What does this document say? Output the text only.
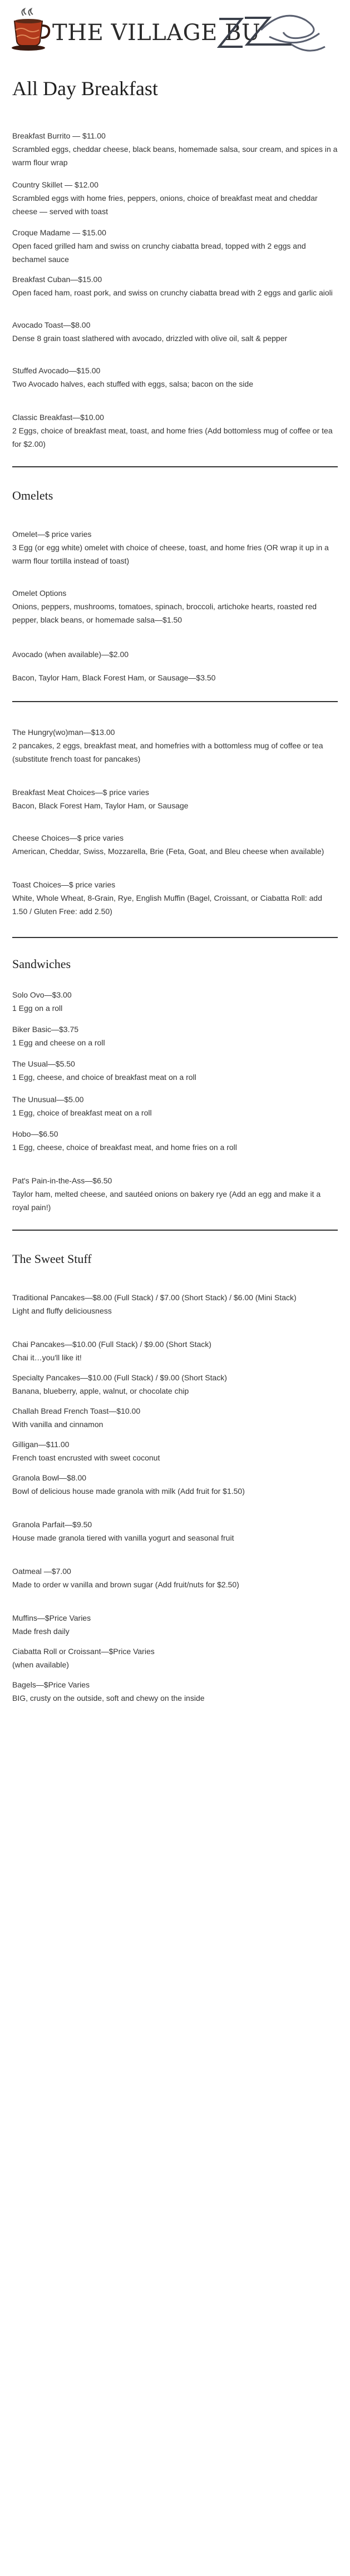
THE VILLAGE BU
All Day Breakfast
Breakfast Burrito — $11.00
Scrambled eggs, cheddar cheese, black beans, homemade salsa, sour cream, and spices in a warm flour wrap
Country Skillet — $12.00
Scrambled eggs with home fries, peppers, onions, choice of breakfast meat and cheddar cheese — served with toast
Croque Madame — $15.00
Open faced grilled ham and swiss on crunchy ciabatta bread, topped with 2 eggs and bechamel sauce
Breakfast Cuban—$15.00
Open faced ham, roast pork, and swiss on crunchy ciabatta bread with 2 eggs and garlic aioli
Avocado Toast—$8.00
Dense 8 grain toast slathered with avocado, drizzled with olive oil, salt & pepper
Stuffed Avocado—$15.00
Two Avocado halves, each stuffed with eggs, salsa; bacon on the side
Classic Breakfast—$10.00
2 Eggs, choice of breakfast meat, toast, and home fries (Add bottomless mug of coffee or tea for $2.00)
Omelets
Omelet—$ price varies
3 Egg (or egg white) omelet with choice of cheese, toast, and home fries (OR wrap it up in a warm flour tortilla instead of toast)
Omelet Options
Onions, peppers, mushrooms, tomatoes, spinach, broccoli, artichoke hearts, roasted red pepper, black beans, or homemade salsa—$1.50
Avocado (when available)—$2.00
Bacon, Taylor Ham, Black Forest Ham, or Sausage—$3.50
The Hungry(wo)man—$13.00
2 pancakes, 2 eggs, breakfast meat, and homefries with a bottomless mug of coffee or tea (substitute french toast for pancakes)
Breakfast Meat Choices—$ price varies
Bacon, Black Forest Ham, Taylor Ham, or Sausage
Cheese Choices—$ price varies
American, Cheddar, Swiss, Mozzarella, Brie (Feta, Goat, and Bleu cheese when available)
Toast Choices—$ price varies
White, Whole Wheat, 8-Grain, Rye, English Muffin (Bagel, Croissant, or Ciabatta Roll: add 1.50 / Gluten Free: add 2.50)
Sandwiches
Solo Ovo—$3.00
1 Egg on a roll
Biker Basic—$3.75
1 Egg and cheese on a roll
The Usual—$5.50
1 Egg, cheese, and choice of breakfast meat on a roll
The Unusual—$5.00
1 Egg, choice of breakfast meat on a roll
Hobo—$6.50
1 Egg, cheese, choice of breakfast meat, and home fries on a roll
Pat's Pain-in-the-Ass—$6.50
Taylor ham, melted cheese, and sautéed onions on bakery rye (Add an egg and make it a royal pain!)
The Sweet Stuff
Traditional Pancakes—$8.00 (Full Stack) / $7.00 (Short Stack) / $6.00 (Mini Stack)
Light and fluffy deliciousness
Chai Pancakes—$10.00 (Full Stack) / $9.00 (Short Stack)
Chai it…you'll like it!
Specialty Pancakes—$10.00 (Full Stack) / $9.00 (Short Stack)
Banana, blueberry, apple, walnut, or chocolate chip
Challah Bread French Toast—$10.00
With vanilla and cinnamon
Gilligan—$11.00
French toast encrusted with sweet coconut
Granola Bowl—$8.00
Bowl of delicious house made granola with milk (Add fruit for $1.50)
Granola Parfait—$9.50
House made granola tiered with vanilla yogurt and seasonal fruit
Oatmeal —$7.00
Made to order w vanilla and brown sugar (Add fruit/nuts for $2.50)
Muffins—$Price Varies
Made fresh daily
Ciabatta Roll or Croissant—$Price Varies
(when available)
Bagels—$Price Varies
BIG, crusty on the outside, soft and chewy on the inside
